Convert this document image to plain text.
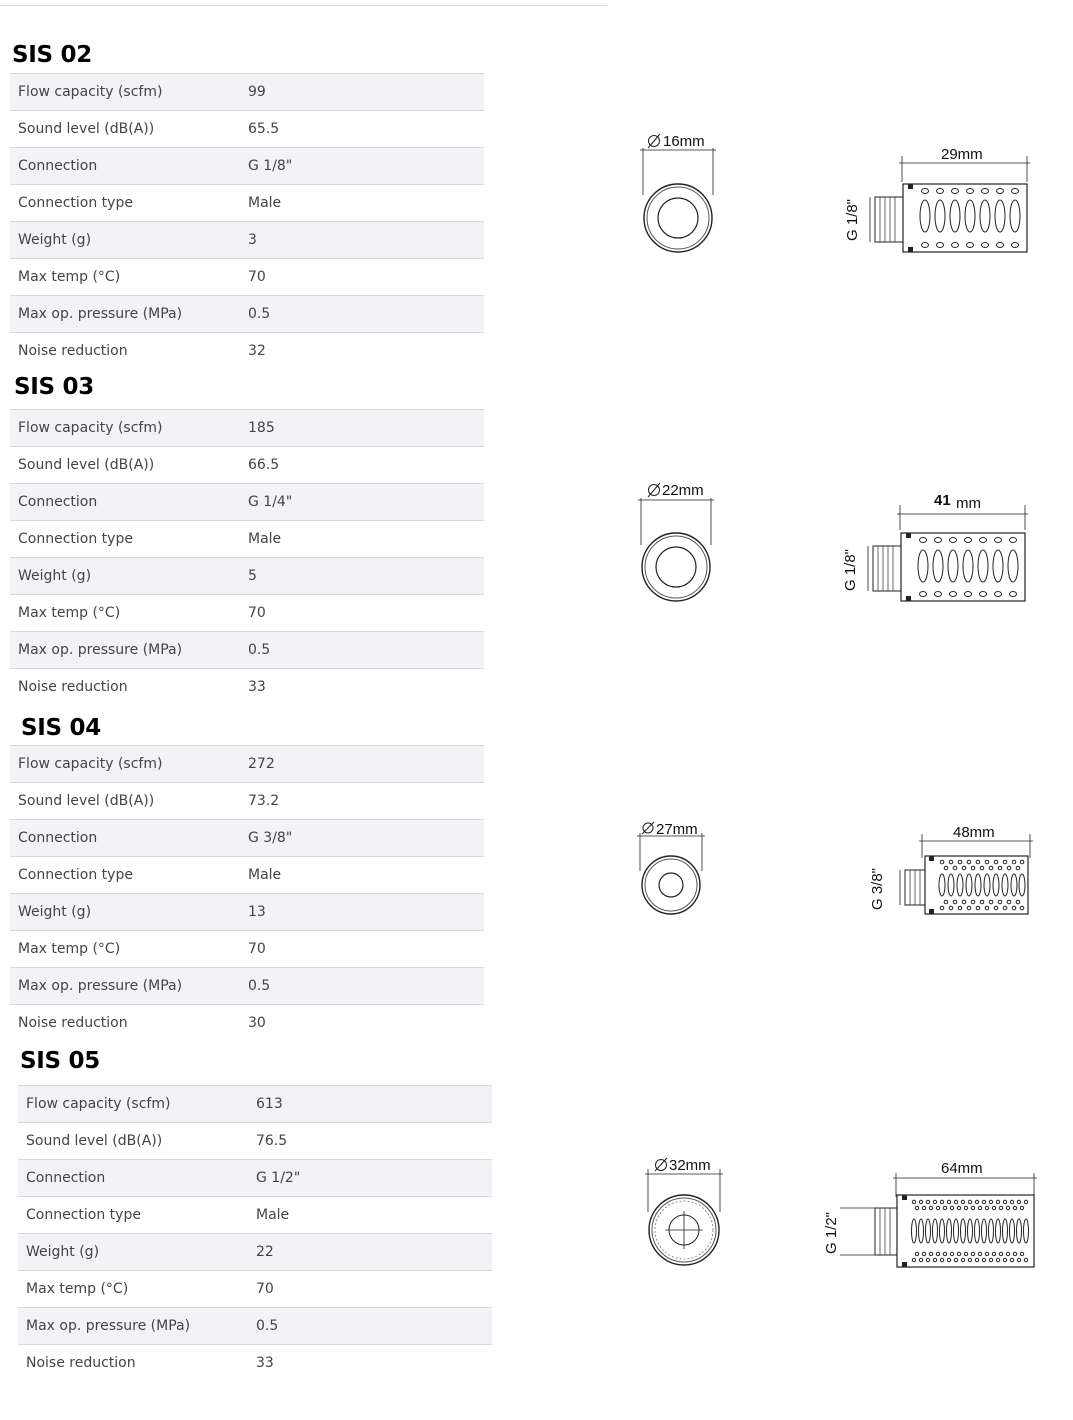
SIS 02
Flow capacity (scfm)	99
Sound level (dB(A))	65.5
Connection	G 1/8"
Connection type	Male
Weight (g)	3
Max temp (°C)	70
Max op. pressure (MPa)	0.5
Noise reduction	32
16mm
29mm
G 1/8"
SIS 03
Flow capacity (scfm)	185
Sound level (dB(A))	66.5
Connection	G 1/4"
Connection type	Male
Weight (g)	5
Max temp (°C)	70
Max op. pressure (MPa)	0.5
Noise reduction	33
22mm
41 mm
G 1/8"
SIS 04
Flow capacity (scfm)	272
Sound level (dB(A))	73.2
Connection	G 3/8"
Connection type	Male
Weight (g)	13
Max temp (°C)	70
Max op. pressure (MPa)	0.5
Noise reduction	30
27mm	48mm
G 3/8"
SIS 05
Flow capacity (scfm)	613
Sound level (dB(A))	76.5
Connection	G 1/2"
Connection type	Male
Weight (g)	22
Max temp (°C)	70
Max op. pressure (MPa)	0.5
Noise reduction	33
32mm	64mm
G 1/2"
